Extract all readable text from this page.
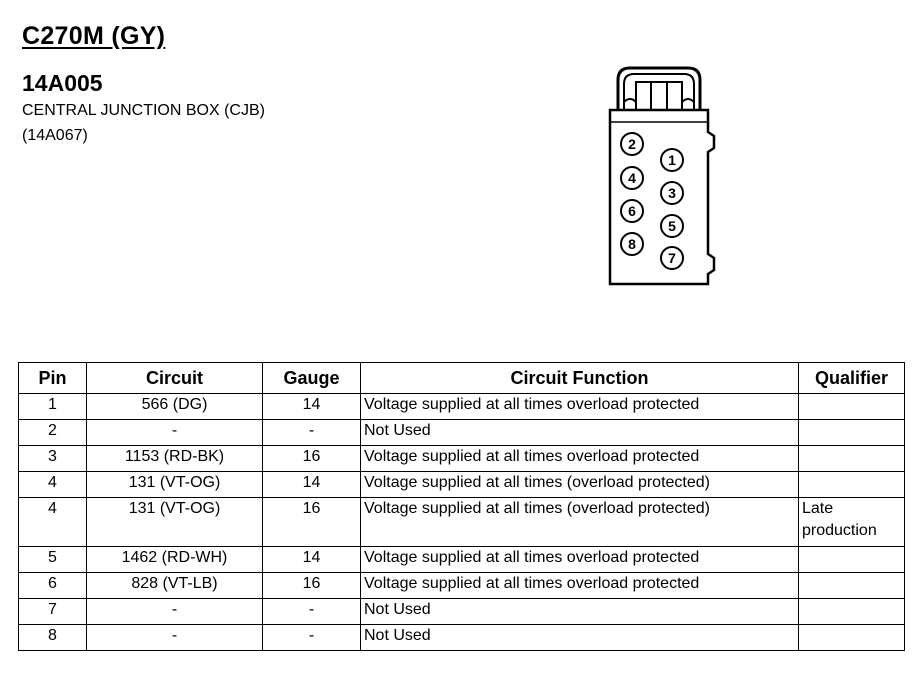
C270M (GY)
14A005
CENTRAL JUNCTION BOX (CJB)
(14A067)	2
1
4
3
6
5
8
7
Pin	Circuit	Gauge	Circuit Function	Qualifier
1	566 (DG)	14	Voltage supplied at all times overload protected	
2	-	-	Not Used	
3	1153 (RD-BK)	16	Voltage supplied at all times overload protected	
4	131 (VT-OG)	14	Voltage supplied at all times (overload protected)	
4	131 (VT-OG)	16	Voltage supplied at all times (overload protected)	Late production
5	1462 (RD-WH)	14	Voltage supplied at all times overload protected	
6	828 (VT-LB)	16	Voltage supplied at all times overload protected	
7	-	-	Not Used	
8	-	-	Not Used	
